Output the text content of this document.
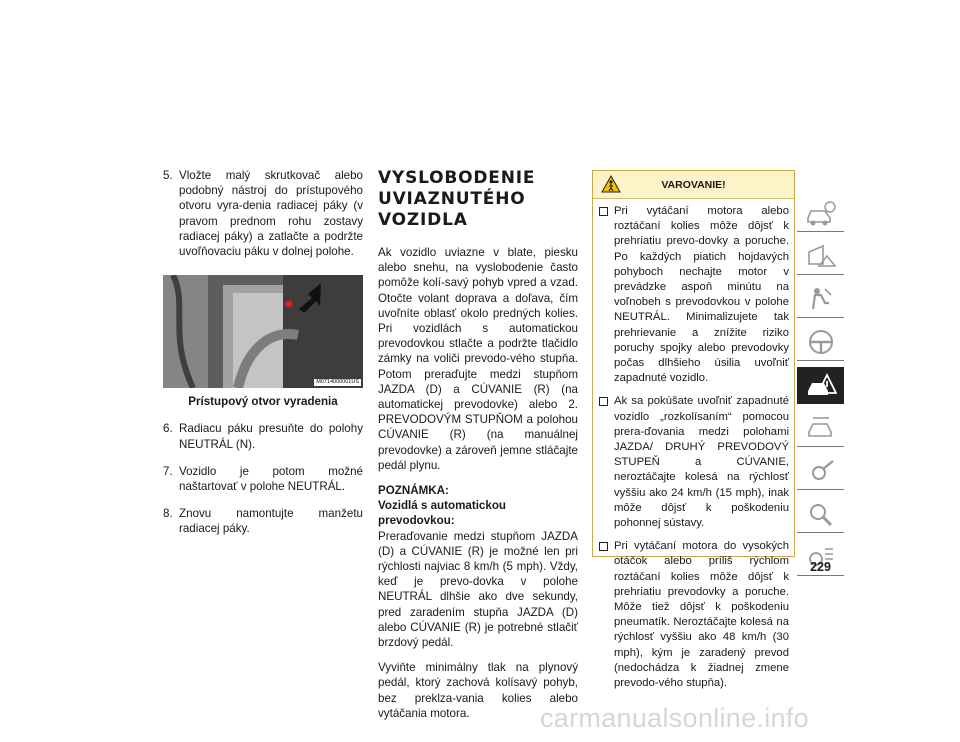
5. Vložte malý skrutkovač alebo podobný nástroj do prístupového otvoru vyra-denia radiacej páky (v pravom prednom rohu zostavy radiacej páky) a zatlačte a podržte uvoľňovaciu páku v dolnej polohe.
M0714000001US
Prístupový otvor vyradenia
6. Radiacu páku presuňte do polohy NEUTRÁL (N).
7. Vozidlo je potom možné naštartovať v polohe NEUTRÁL.
8. Znovu namontujte manžetu radiacej páky.
VYSLOBODENIE
UVIAZNUTÉHO VOZIDLA

Ak vozidlo uviazne v blate, piesku alebo snehu, na vyslobodenie často pomôže kolí-savý pohyb vpred a vzad. Otočte volant doprava a doľava, čím uvoľníte oblasť okolo predných kolies. Pri vozidlách s automatickou prevodovkou stlačte a podržte tlačidlo zámky na voliči prevodo-vého stupňa. Potom preraďujte medzi stupňom JAZDA (D) a CÚVANIE (R) (na automatickej prevodovke) alebo 2. PREVODOVÝM STUPŇOM a polohou CÚVANIE (R) (na manuálnej prevodovke) a zároveň jemne stláčajte pedál plynu.

POZNÁMKA:

Vozidlá s automatickou prevodovkou:

Preraďovanie medzi stupňom JAZDA (D) a CÚVANIE (R) je možné len pri rýchlosti najviac 8 km/h (5 mph). Vždy, keď je prevo-dovka v polohe NEUTRÁL dlhšie ako dve sekundy, pred zaradením stupňa JAZDA (D) alebo CÚVANIE (R) je potrebné stlačiť brzdový pedál.

Vyviňte minimálny tlak na plynový pedál, ktorý zachová kolísavý pohyb, bez preklza-vania kolies alebo vytáčania motora.

VAROVANIE!
Pri vytáčaní motora alebo roztáčaní kolies môže dôjsť k prehriatiu prevo-dovky a poruche. Po každých piatich hojdavých pohyboch nechajte motor v prevádzke aspoň minútu na voľnobeh s prevodovkou v polohe NEUTRÁL. Minimalizujete tak prehrievanie a znížite riziko poruchy spojky alebo prevodovky počas dlhšieho úsilia uvoľniť zapadnuté vozidlo.
Ak sa pokúšate uvoľniť zapadnuté vozidlo „rozkolísaním“ pomocou prera-ďovania medzi polohami JAZDA/ DRUHÝ PREVODOVÝ STUPEŇ a CÚVANIE, neroztáčajte kolesá na rýchlosť vyššiu ako 24 km/h (15 mph), inak môže dôjsť k poškodeniu pohonnej sústavy.
Pri vytáčaní motora do vysokých otáčok alebo príliš rýchlom roztáčaní kolies môže dôjsť k prehriatiu prevodovky a poruche. Môže tiež dôjsť k poškodeniu pneumatík. Neroztáčajte kolesá na rýchlosť vyššiu ako 48 km/h (30 mph), kým je zaradený prevod (nedochádza k žiadnej zmene prevodo-vého stupňa).
229
carmanualsonline.info
